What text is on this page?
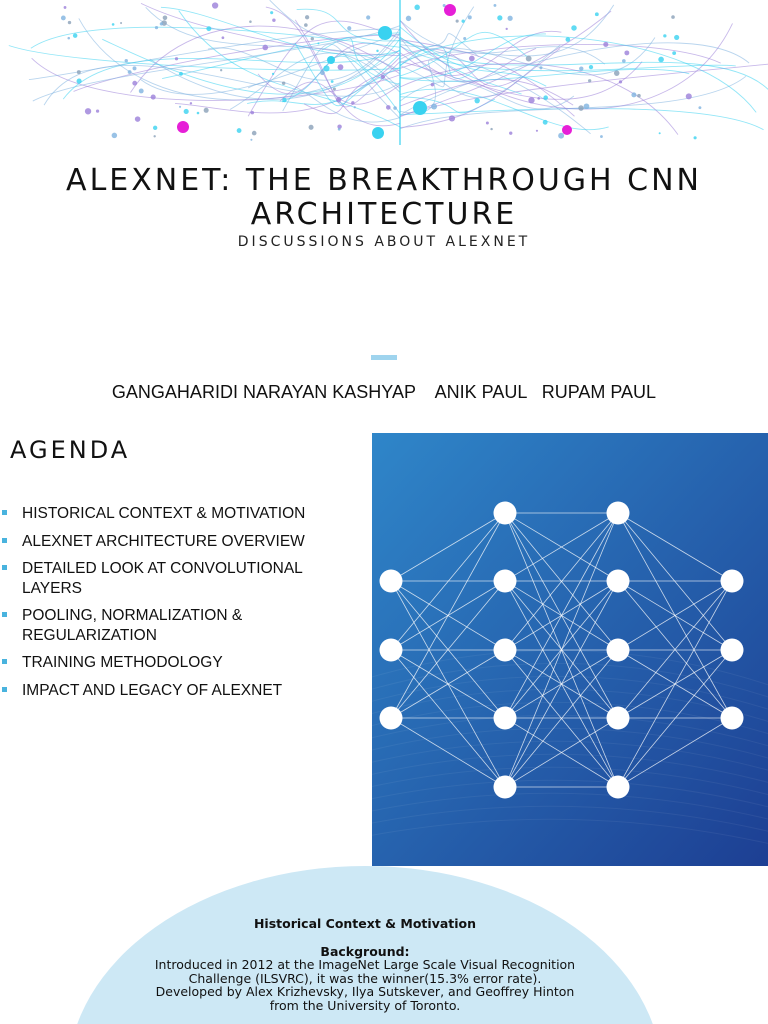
ALEXNET: THE BREAKTHROUGH CNN ARCHITECTURE
DISCUSSIONS ABOUT ALEXNET
GANGAHARIDI NARAYAN KASHYAP    ANIK PAUL   RUPAM PAUL
AGENDA
HISTORICAL CONTEXT & MOTIVATION
ALEXNET ARCHITECTURE OVERVIEW
DETAILED LOOK AT CONVOLUTIONAL LAYERS
POOLING, NORMALIZATION & REGULARIZATION
TRAINING METHODOLOGY
IMPACT AND LEGACY OF ALEXNET
Historical Context & Motivation
Background:
Introduced in 2012 at the ImageNet Large Scale Visual Recognition Challenge (ILSVRC), it was the winner(15.3% error rate).
Developed by Alex Krizhevsky, Ilya Sutskever, and Geoffrey Hinton from the University of Toronto.
